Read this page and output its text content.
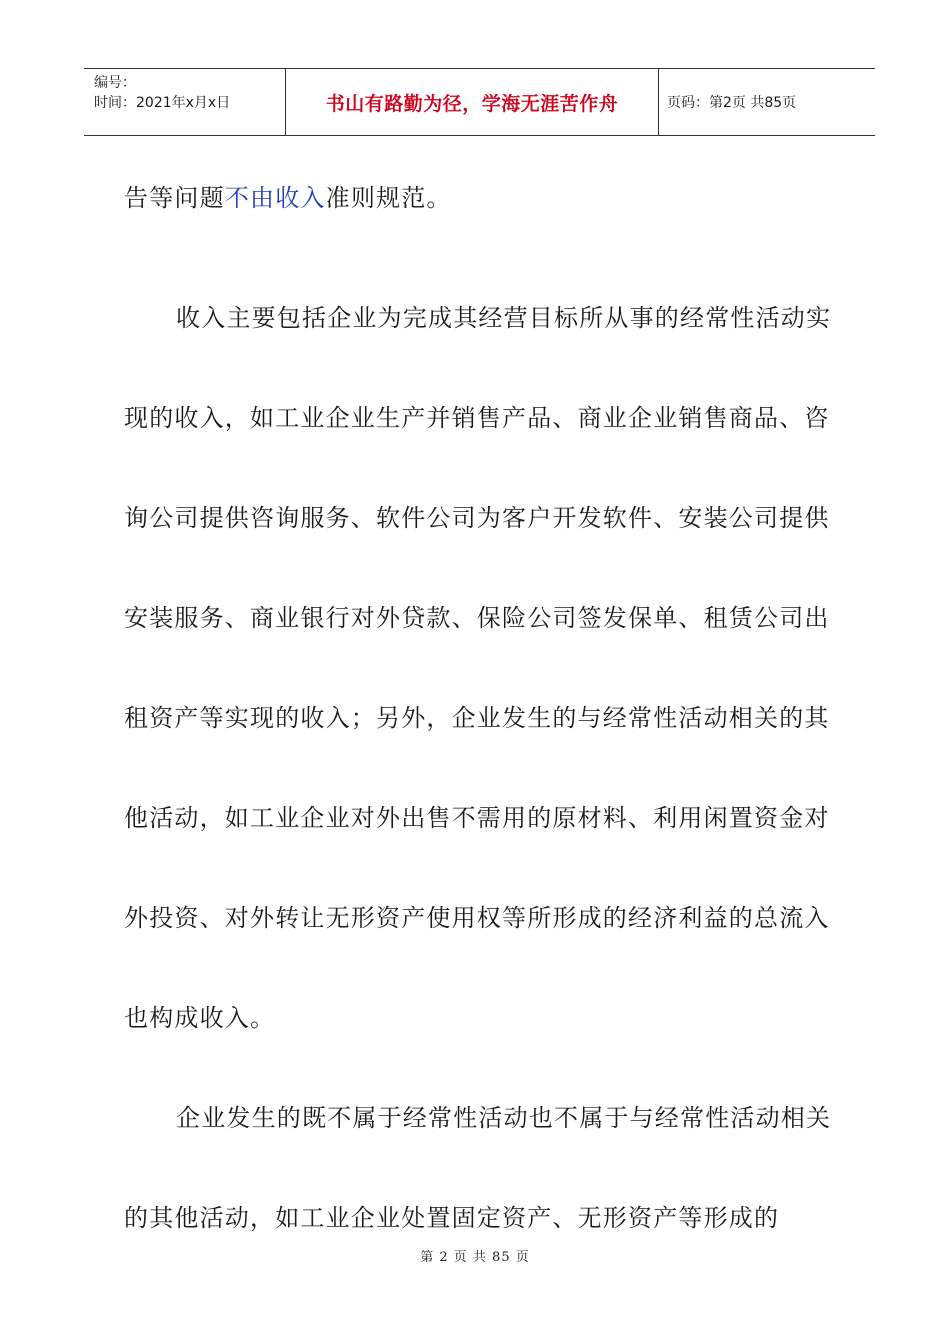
编号：
时间：2021年x月x日	书山有路勤为径，学海无涯苦作舟	页码：第2页 共85页

告等问题不由收入准则规范。

收入主要包括企业为完成其经营目标所从事的经常性活动实现的收入，如工业企业生产并销售产品、商业企业销售商品、咨询公司提供咨询服务、软件公司为客户开发软件、安装公司提供安装服务、商业银行对外贷款、保险公司签发保单、租赁公司出租资产等实现的收入；另外，企业发生的与经常性活动相关的其他活动，如工业企业对外出售不需用的原材料、利用闲置资金对外投资、对外转让无形资产使用权等所形成的经济利益的总流入也构成收入。

企业发生的既不属于经常性活动也不属于与经常性活动相关的其他活动，如工业企业处置固定资产、无形资产等形成的

第 2 页 共 85 页
